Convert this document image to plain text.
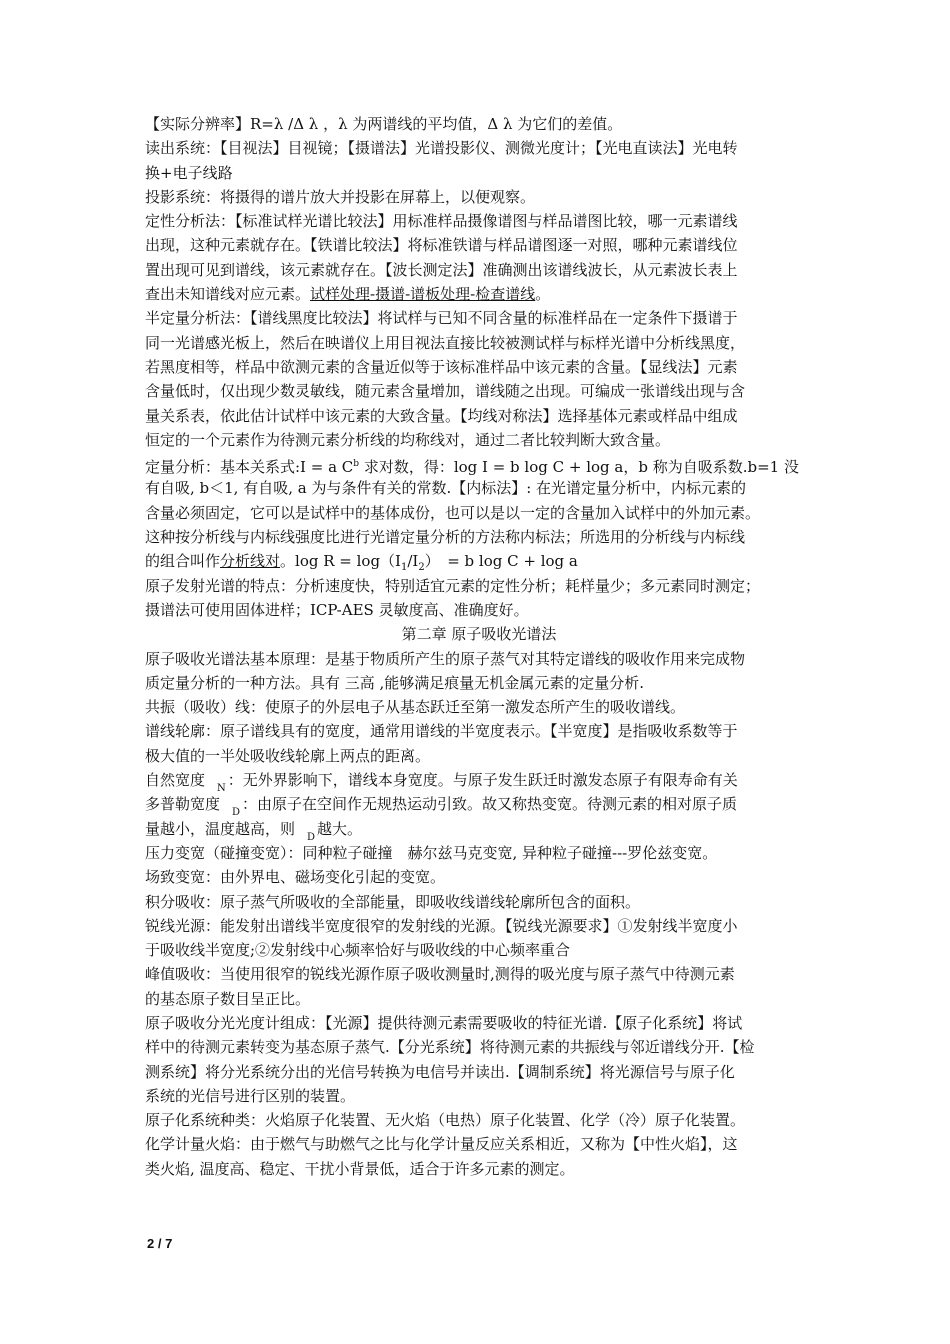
【实际分辨率】R=λ /Δ λ ，λ 为两谱线的平均值，Δ λ 为它们的差值。
读出系统：【目视法】目视镜；【摄谱法】光谱投影仪、测微光度计；【光电直读法】光电转
换+电子线路
投影系统：将摄得的谱片放大并投影在屏幕上，以便观察。
定性分析法：【标准试样光谱比较法】用标准样品摄像谱图与样品谱图比较，哪一元素谱线
出现，这种元素就存在。【铁谱比较法】将标准铁谱与样品谱图逐一对照，哪种元素谱线位
置出现可见到谱线，该元素就存在。【波长测定法】准确测出该谱线波长，从元素波长表上
查出未知谱线对应元素。试样处理-摄谱-谱板处理-检查谱线。
半定量分析法：【谱线黑度比较法】将试样与已知不同含量的标准样品在一定条件下摄谱于
同一光谱感光板上，然后在映谱仪上用目视法直接比较被测试样与标样光谱中分析线黑度，
若黑度相等，样品中欲测元素的含量近似等于该标准样品中该元素的含量。【显线法】元素
含量低时，仅出现少数灵敏线，随元素含量增加，谱线随之出现。可编成一张谱线出现与含
量关系表，依此估计试样中该元素的大致含量。【均线对称法】选择基体元素或样品中组成
恒定的一个元素作为待测元素分析线的均称线对，通过二者比较判断大致含量。
定量分析：基本关系式:I = a $C^b$ 求对数，得：log I = b log C + log a，b 称为自吸系数.b=1 没
有自吸, b＜1, 有自吸, a 为与条件有关的常数.【内标法】: 在光谱定量分析中，内标元素的
含量必须固定，它可以是试样中的基体成份，也可以是以一定的含量加入试样中的外加元素。
这种按分析线与内标线强度比进行光谱定量分析的方法称内标法；所选用的分析线与内标线
的组合叫作分析线对。$\log R = \log(I_1/I_2)$　= b log C + log a
原子发射光谱的特点：分析速度快，特别适宜元素的定性分析；耗样量少；多元素同时测定；
摄谱法可使用固体进样；ICP-AES 灵敏度高、准确度好。
第二章 原子吸收光谱法
原子吸收光谱法基本原理：是基于物质所产生的原子蒸气对其特定谱线的吸收作用来完成物
质定量分析的一种方法。具有 三高 ,能够满足痕量无机金属元素的定量分析.
共振（吸收）线：使原子的外层电子从基态跃迁至第一激发态所产生的吸收谱线。
谱线轮廓：原子谱线具有的宽度，通常用谱线的半宽度表示。【半宽度】是指吸收系数等于
极大值的一半处吸收线轮廓上两点的距离。
自然宽度 N ：无外界影响下，谱线本身宽度。与原子发生跃迁时激发态原子有限寿命有关
多普勒宽度 D ：由原子在空间作无规热运动引致。故又称热变宽。待测元素的相对原子质
量越小，温度越高，则 D 越大。
压力变宽（碰撞变宽）：同种粒子碰撞　赫尔兹马克变宽, 异种粒子碰撞---罗伦兹变宽。
场致变宽：由外界电、磁场变化引起的变宽。
积分吸收：原子蒸气所吸收的全部能量，即吸收线谱线轮廓所包含的面积。
锐线光源：能发射出谱线半宽度很窄的发射线的光源。【锐线光源要求】①发射线半宽度小
于吸收线半宽度;②发射线中心频率恰好与吸收线的中心频率重合
峰值吸收：当使用很窄的锐线光源作原子吸收测量时,测得的吸光度与原子蒸气中待测元素
的基态原子数目呈正比。
原子吸收分光光度计组成：【光源】提供待测元素需要吸收的特征光谱.【原子化系统】将试
样中的待测元素转变为基态原子蒸气.【分光系统】将待测元素的共振线与邻近谱线分开.【检
测系统】将分光系统分出的光信号转换为电信号并读出.【调制系统】将光源信号与原子化
系统的光信号进行区别的装置。
原子化系统种类：火焰原子化装置、无火焰（电热）原子化装置、化学（冷）原子化装置。
化学计量火焰：由于燃气与助燃气之比与化学计量反应关系相近，又称为【中性火焰】，这
类火焰, 温度高、稳定、干扰小背景低，适合于许多元素的测定。
2 / 7
